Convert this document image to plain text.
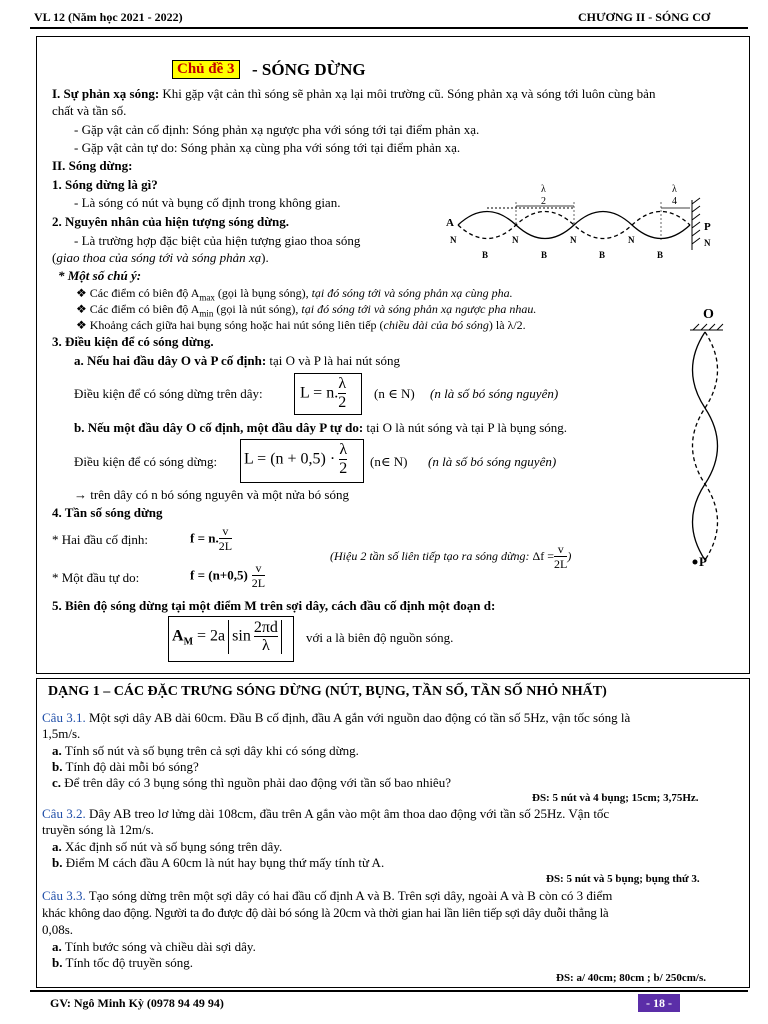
VL 12 (Năm học 2021 - 2022)	CHƯƠNG II - SÓNG CƠ
Chủ đề 3 - SÓNG DỪNG
I. Sự phản xạ sóng: Khi gặp vật cản thì sóng sẽ phản xạ lại môi trường cũ. Sóng phản xạ và sóng tới luôn cùng bản
chất và tần số.
- Gặp vật cản cố định: Sóng phản xạ ngược pha với sóng tới tại điểm phản xạ.
- Gặp vật cản tự do: Sóng phản xạ cùng pha với sóng tới tại điểm phản xạ.
II. Sóng dừng:
1. Sóng dừng là gì?
- Là sóng có nút và bụng cố định trong không gian.
2. Nguyên nhân của hiện tượng sóng dừng.
- Là trường hợp đặc biệt của hiện tượng giao thoa sóng
(giao thoa của sóng tới và sóng phản xạ).
* Một số chú ý:
❖ Các điểm có biên độ $A_{max}$ (gọi là bụng sóng), tại đó sóng tới và sóng phản xạ cùng pha.
❖ Các điểm có biên độ $A_{min}$ (gọi là nút sóng), tại đó sóng tới và sóng phản xạ ngược pha nhau.
❖ Khoảng cách giữa hai bụng sóng hoặc hai nút sóng liên tiếp (chiều dài của bó sóng) là λ/2.
A	P
N	N	N	N	N
B	B	B	B
λ
2
λ
4
O
P
3. Điều kiện để có sóng dừng.
a. Nếu hai đầu dây O và P cố định: tại O và P là hai nút sóng
Điều kiện để có sóng dừng trên dây: L = n. $\frac{\lambda}{2} (n$ ∈ N) (n là số bó sóng nguyên)
b. Nếu một đầu dây O cố định, một đầu dây P tự do: tại O là nút sóng và tại P là bụng sóng.
Điều kiện để có sóng dừng: $L = (n + 0,5) \cdot \frac{\lambda}{2}$ (n∈ N) (n là số bó sóng nguyên)
→ trên dây có n bó sóng nguyên và một nửa bó sóng
4. Tần số sóng dừng
* Hai đầu cố định:	f = n. $\frac{v}{2L}$
(Hiệu 2 tần số liên tiếp tạo ra sóng dừng: $\Delta f = \frac{v}{2L}$ )
* Một đầu tự do:	$f = (n+0,5) \frac{v}{2L}$
5. Biên độ sóng dừng tại một điểm M trên sợi dây, cách đầu cố định một đoạn d:
$A_M = 2a$ $\sin \frac{2\pi d}{\lambda}$ với a là biên độ nguồn sóng.
DẠNG 1 – CÁC ĐẶC TRƯNG SÓNG DỪNG (NÚT, BỤNG, TẦN SỐ, TẦN SỐ NHỎ NHẤT)
Câu 3.1. Một sợi dây AB dài 60cm. Đầu B cố định, đầu A gắn với nguồn dao động có tần số 5Hz, vận tốc sóng là
1,5m/s.
a. Tính số nút và số bụng trên cả sợi dây khi có sóng dừng.
b. Tính độ dài mỗi bó sóng?
c. Để trên dây có 3 bụng sóng thì nguồn phải dao động với tần số bao nhiêu?
ĐS: 5 nút và 4 bụng; 15cm; 3,75Hz.
Câu 3.2. Dây AB treo lơ lửng dài 108cm, đầu trên A gắn vào một âm thoa dao động với tần số 25Hz. Vận tốc
truyền sóng là 12m/s.
a. Xác định số nút và số bụng sóng trên dây.
b. Điểm M cách đầu A 60cm là nút hay bụng thứ mấy tính từ A.
ĐS: 5 nút và 5 bụng; bụng thứ 3.
Câu 3.3. Tạo sóng dừng trên một sợi dây có hai đầu cố định A và B. Trên sợi dây, ngoài A và B còn có 3 điểm
khác không dao động. Người ta đo được độ dài bó sóng là 20cm và thời gian hai lần liên tiếp sợi dây duỗi thẳng là
0,08s.
a. Tính bước sóng và chiều dài sợi dây.
b. Tính tốc độ truyền sóng.
ĐS: a/ 40cm; 80cm ; b/ 250cm/s.
GV: Ngô Minh Kỳ (0978 94 49 94)	- 18 -
